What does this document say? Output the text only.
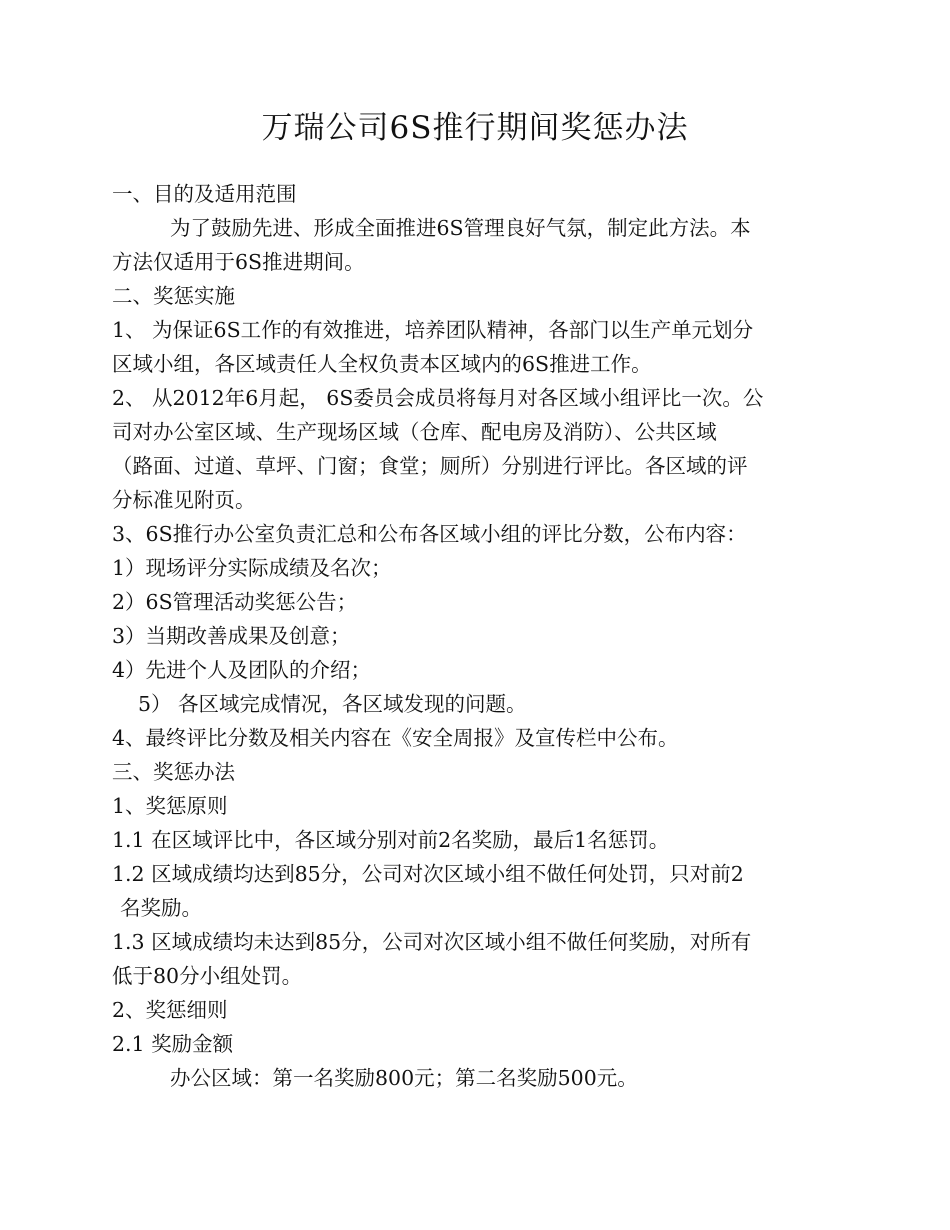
万瑞公司6S推行期间奖惩办法
一、目的及适用范围
为了鼓励先进、形成全面推进6S管理良好气氛，制定此方法。本
方法仅适用于6S推进期间。
二、奖惩实施
1、 为保证6S工作的有效推进，培养团队精神，各部门以生产单元划分
区域小组，各区域责任人全权负责本区域内的6S推进工作。
2、 从2012年6月起， 6S委员会成员将每月对各区域小组评比一次。公
司对办公室区域、生产现场区域（仓库、配电房及消防）、公共区域
（路面、过道、草坪、门窗；食堂；厕所）分别进行评比。各区域的评
分标准见附页。
3、6S推行办公室负责汇总和公布各区域小组的评比分数，公布内容：
1）现场评分实际成绩及名次；
2）6S管理活动奖惩公告；
3）当期改善成果及创意；
4）先进个人及团队的介绍；
5） 各区域完成情况，各区域发现的问题。
4、最终评比分数及相关内容在《安全周报》及宣传栏中公布。
三、奖惩办法
1、奖惩原则
1.1 在区域评比中，各区域分别对前2名奖励，最后1名惩罚。
1.2 区域成绩均达到85分，公司对次区域小组不做任何处罚，只对前2
名奖励。
1.3 区域成绩均未达到85分，公司对次区域小组不做任何奖励，对所有
低于80分小组处罚。
2、奖惩细则
2.1 奖励金额
办公区域：第一名奖励800元；第二名奖励500元。
